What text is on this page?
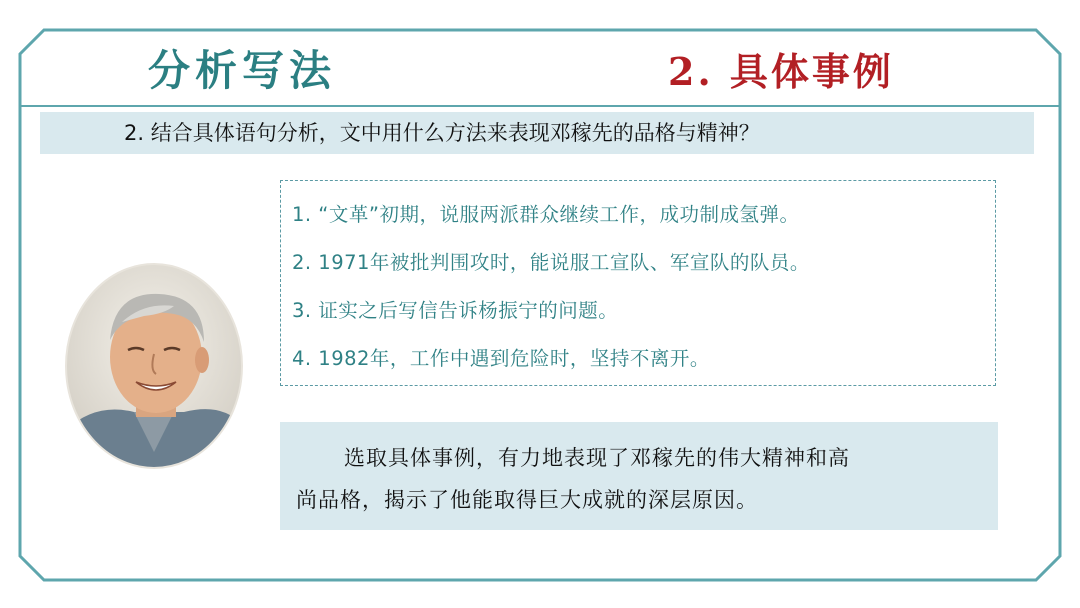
分析写法	2. 具体事例
2. 结合具体语句分析，文中用什么方法来表现邓稼先的品格与精神？
1. “文革”初期，说服两派群众继续工作，成功制成氢弹。
2. 1971年被批判围攻时，能说服工宣队、军宣队的队员。
3. 证实之后写信告诉杨振宁的问题。
4. 1982年，工作中遇到危险时，坚持不离开。
选取具体事例，有力地表现了邓稼先的伟大精神和高
尚品格，揭示了他能取得巨大成就的深层原因。
